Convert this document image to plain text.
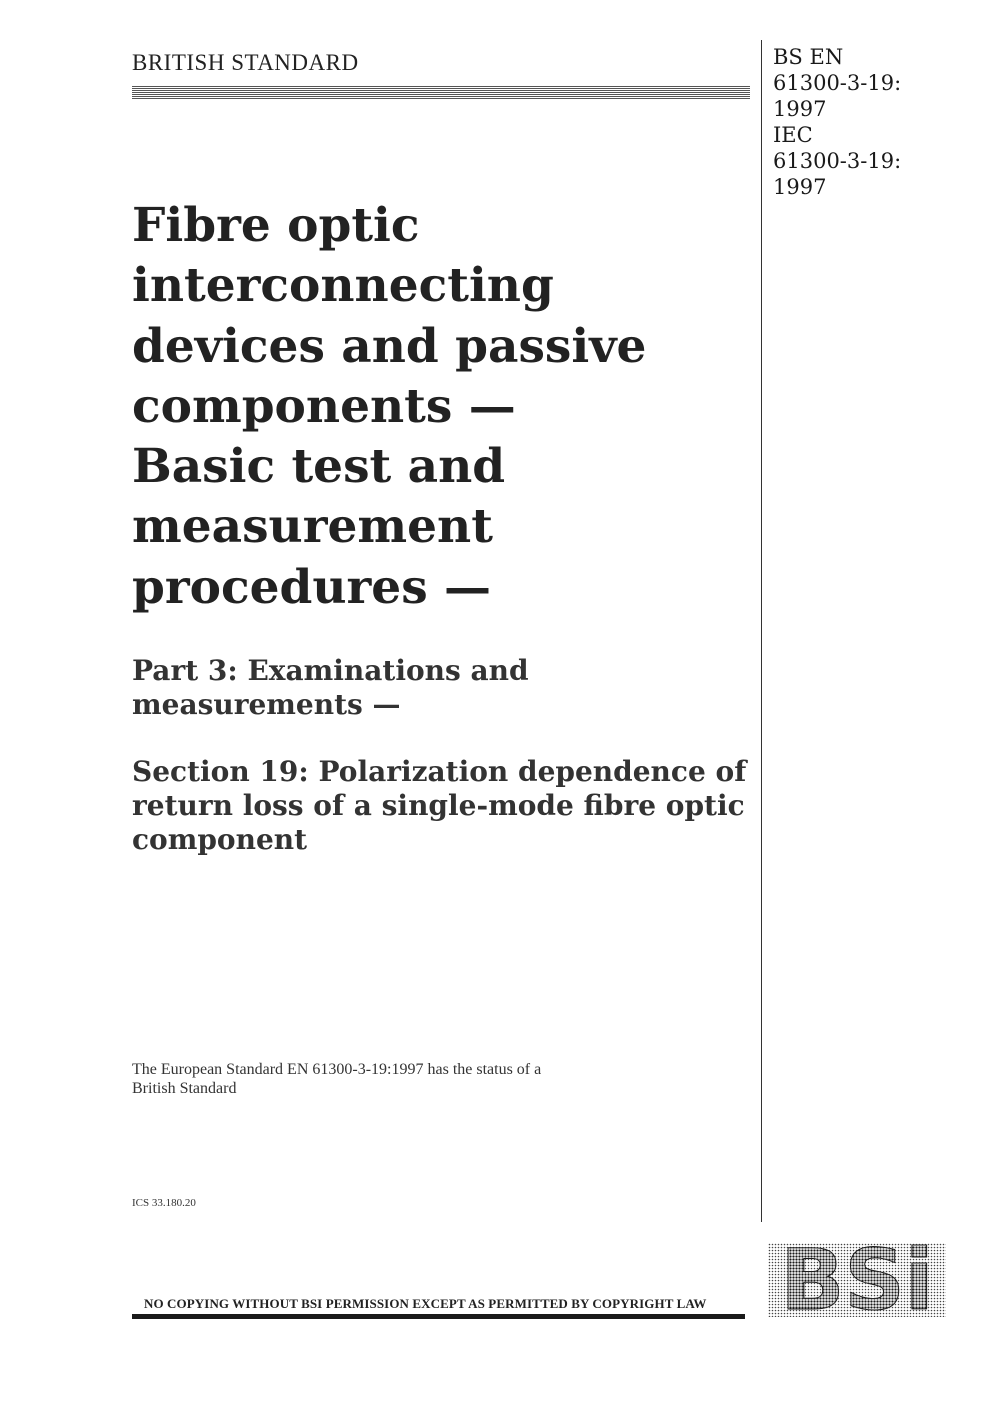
BRITISH STANDARD	BS EN
61300-3-19:
1997
IEC
61300-3-19:
1997
Fibre optic
interconnecting
devices and passive
components —
Basic test and
measurement
procedures —
Part 3: Examinations and
measurements —
Section 19: Polarization dependence of
return loss of a single-mode fibre optic
component
The European Standard EN 61300-3-19:1997 has the status of a
British Standard
ICS 33.180.20
NO COPYING WITHOUT BSI PERMISSION EXCEPT AS PERMITTED BY COPYRIGHT LAW BSi
